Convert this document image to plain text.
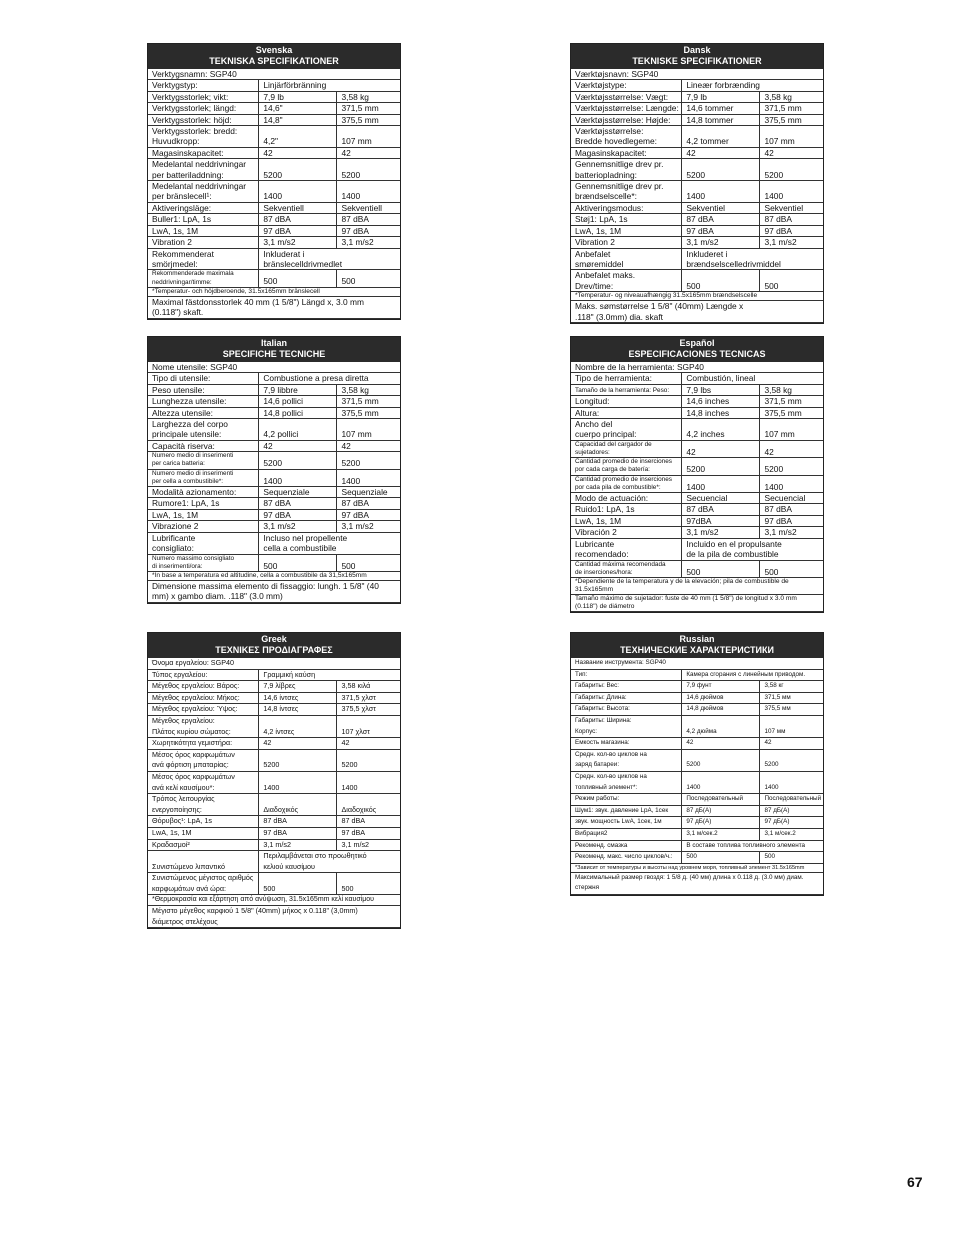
Svenska
TEKNISKA SPECIFIKATIONER
Verktygsnamn: SGP40		
Verktygstyp:	Linjärförbränning	
Verktygsstorlek; vikt:	7,9 lb	3,58 kg
Verktygsstorlek; längd:	14,6"	371,5 mm
Verktygsstorlek: höjd:	14,8"	375,5 mm
Verktygsstorlek: bredd:
Huvudkropp:	4,2"	107 mm
Magasinskapacitet:	42	42
Medelantal neddrivningar
per batteriladdning:	5200	5200
Medelantal neddrivningar
per bränslecell¹:	1400	1400
Aktiveringsläge:	Sekventiell	Sekventiell
Buller1: LpA, 1s	87 dBA	87 dBA
LwA, 1s, 1M	97 dBA	97 dBA
Vibration 2	3,1 m/s2	3,1 m/s2
Rekommenderat
smörjmedel:	Inkluderat i
bränslecelldrivmedlet	
Rekommenderade maximala
neddrivningar/timme:	500	500
*Temperatur- och höjdberoende, 31.5x165mm bränslecell		
Maximal fästdonsstorlek 40 mm (1 5/8") Längd x, 3.0 mm
(0.118") skaft.		
Dansk
TEKNISKE SPECIFIKATIONER
Værktøjsnavn: SGP40		
Værktøjstype:	Lineær forbrænding	
Værktøjsstørrelse: Vægt:	7,9 lb	3,58 kg
Værktøjsstørrelse: Længde:	14,6 tommer	371,5 mm
Værktøjsstørrelse: Højde:	14,8 tommer	375,5 mm
Værktøjsstørrelse:
Bredde hovedlegeme:	4,2 tommer	107 mm
Magasinskapacitet:	42	42
Gennemsnitlige drev pr.
batteriopladning:	5200	5200
Gennemsnitlige drev pr.
brændselscelle*:	1400	1400
Aktiveringsmodus:	Sekventiel	Sekventiel
Støj1: LpA, 1s	87 dBA	87 dBA
LwA, 1s, 1M	97 dBA	97 dBA
Vibration 2	3,1 m/s2	3,1 m/s2
Anbefalet
smøremiddel	Inkluderet i
brændselscelledrivmiddel	
Anbefalet maks.
Drev/time:	500	500
*Temperatur- og niveauafhængig 31.5x165mm brændselscelle		
Maks. sømstørrelse 1 5/8" (40mm) Længde x
.118" (3.0mm) dia. skaft		
Italian
SPECIFICHE TECNICHE
Nome utensile: SGP40		
Tipo di utensile:	Combustione a presa diretta	
Peso utensile:	7,9 libbre	3,58 kg
Lunghezza utensile:	14,6 pollici	371,5 mm
Altezza utensile:	14,8 pollici	375,5 mm
Larghezza del corpo
principale utensile:	4,2 pollici	107 mm
Capacità riserva:	42	42
Numero medio di inserimenti
per carica batteria:	5200	5200
Numero medio di inserimenti
per cella a combustibile*:	1400	1400
Modalità azionamento:	Sequenziale	Sequenziale
Rumore1: LpA, 1s	87 dBA	87 dBA
LwA, 1s, 1M	97 dBA	97 dBA
Vibrazione 2	3,1 m/s2	3,1 m/s2
Lubrificante
consigliato:	Incluso nel propellente
cella a combustibile	
Numero massimo consigliato
di inserimenti/ora:	500	500
*In base a temperatura ed altitudine, cella a combustibile da 31,5x165mm		
Dimensione massima elemento di fissaggio: lungh. 1 5/8" (40
mm) x gambo diam. .118" (3.0 mm)		
Español
ESPECIFICACIONES TECNICAS
Nombre de la herramienta: SGP40		
Tipo de herramienta:	Combustión, lineal	
Tamaño de la herramienta: Peso:	7,9 lbs	3,58 kg
Longitud:	14,6 inches	371,5 mm
Altura:	14,8 inches	375,5 mm
Ancho del
cuerpo principal:	4,2 inches	107 mm
Capacidad del cargador de sujetadores:	42	42
Cantidad promedio de inserciones
por cada carga de batería:	5200	5200
Cantidad promedio de inserciones
por cada pila de combustible*:	1400	1400
Modo de actuación:	Secuencial	Secuencial
Ruido1: LpA, 1s	87 dBA	87 dBA
LwA, 1s, 1M	97dBA	97 dBA
Vibración 2	3,1 m/s2	3,1 m/s2
Lubricante
recomendado:	Incluido en el propulsante
de la pila de combustible	
Cantidad máxima recomendada
de inserciones/hora:	500	500
*Dependiente de la temperatura y de la elevación; pila de combustible de 31.5x165mm		
Tamaño máximo de sujetador: fuste de 40 mm (1 5/8") de longitud x 3.0 mm
(0.118") de diámetro		
Greek
ΤΕΧΝΙΚΕΣ ΠΡΟΔΙΑΓΡΑΦΕΣ
Όνομα εργαλείου: SGP40		
Τύπος εργαλείου:	Γραμμική καύση	
Μέγεθος εργαλείου: Βάρος:	7,9 λίβρες	3,58 κιλά
Μέγεθος εργαλείου: Μήκος:	14,6 ίντσες	371,5 χλστ
Μέγεθος εργαλείου: Ύψος:	14,8 ίντσες	375,5 χλστ
Μέγεθος εργαλείου:
Πλάτος κυρίου σώματος:	4,2 ίντσες	107 χλστ
Χωρητικότητα γεμιστήρα:	42	42
Μέσος όρος καρφωμάτων
ανά φόρτιση μπαταρίας:	5200	5200
Μέσος όρος καρφωμάτων
ανά κελί καυσίμου*:	1400	1400
Τρόπος λειτουργίας ενεργοποίησης:	Διαδοχικός	Διαδοχικός
Θόρυβος¹: LpA, 1s	87 dBA	87 dBA
LwA, 1s, 1M	97 dBA	97 dBA
Κραδασμοί²	3,1 m/s2	3,1 m/s2
Συνιστώμενο λιπαντικό	Περιλαμβάνεται στο προωθητικό
κελιού καυσίμου	
Συνιστώμενος μέγιστος αριθμός
καρφωμάτων ανά ώρα:	500	500
*Θερμοκρασία και εξάρτηση από ανύψωση, 31.5x165mm κελί καυσίμου		
Μέγιστο μέγεθος καρφιού 1 5/8" (40mm) μήκος x 0.118" (3,0mm)
διάμετρος στελέχους		
Russian
ТЕХНИЧЕСКИЕ ХАРАКТЕРИСТИКИ
Название инструмента: SGP40		
Тип:	Камера сгорания с линейным приводом.	
Габариты: Вес:	7,9 фунт	3,58 кг
Габариты: Длина:	14,6 дюймов	371,5 мм
Габариты: Высота:	14,8 дюймов	375,5 мм
Габариты: Ширина:
Корпус:	4,2 дюйма	107 мм
Емкость магазина:	42	42
Средн. кол-во циклов на
заряд батареи:	5200	5200
Средн. кол-во циклов на
топливный элемент*:	1400	1400
Режим работы:	Последовательный	Последовательный
Шум1: звук. давление LpA, 1сек	87 дБ(А)	87 дБ(А)
звук. мощность LwA, 1сек, 1м	97 дБ(А)	97 дБ(А)
Вибрация2	3,1 м/сек.2	3,1 м/сек.2
Рекоменд. смазка	В составе топлива топливного элемента	
Рекоменд. макс. число циклов/ч.:	500	500
*Зависит от температуры и высоты над уровнем моря, топливный элемент 31.5x165mm		
Максимальный размер гвоздя: 1 5/8 д. (40 мм) длина x 0.118 д. (3.0 мм) диам.
стержня		
67
